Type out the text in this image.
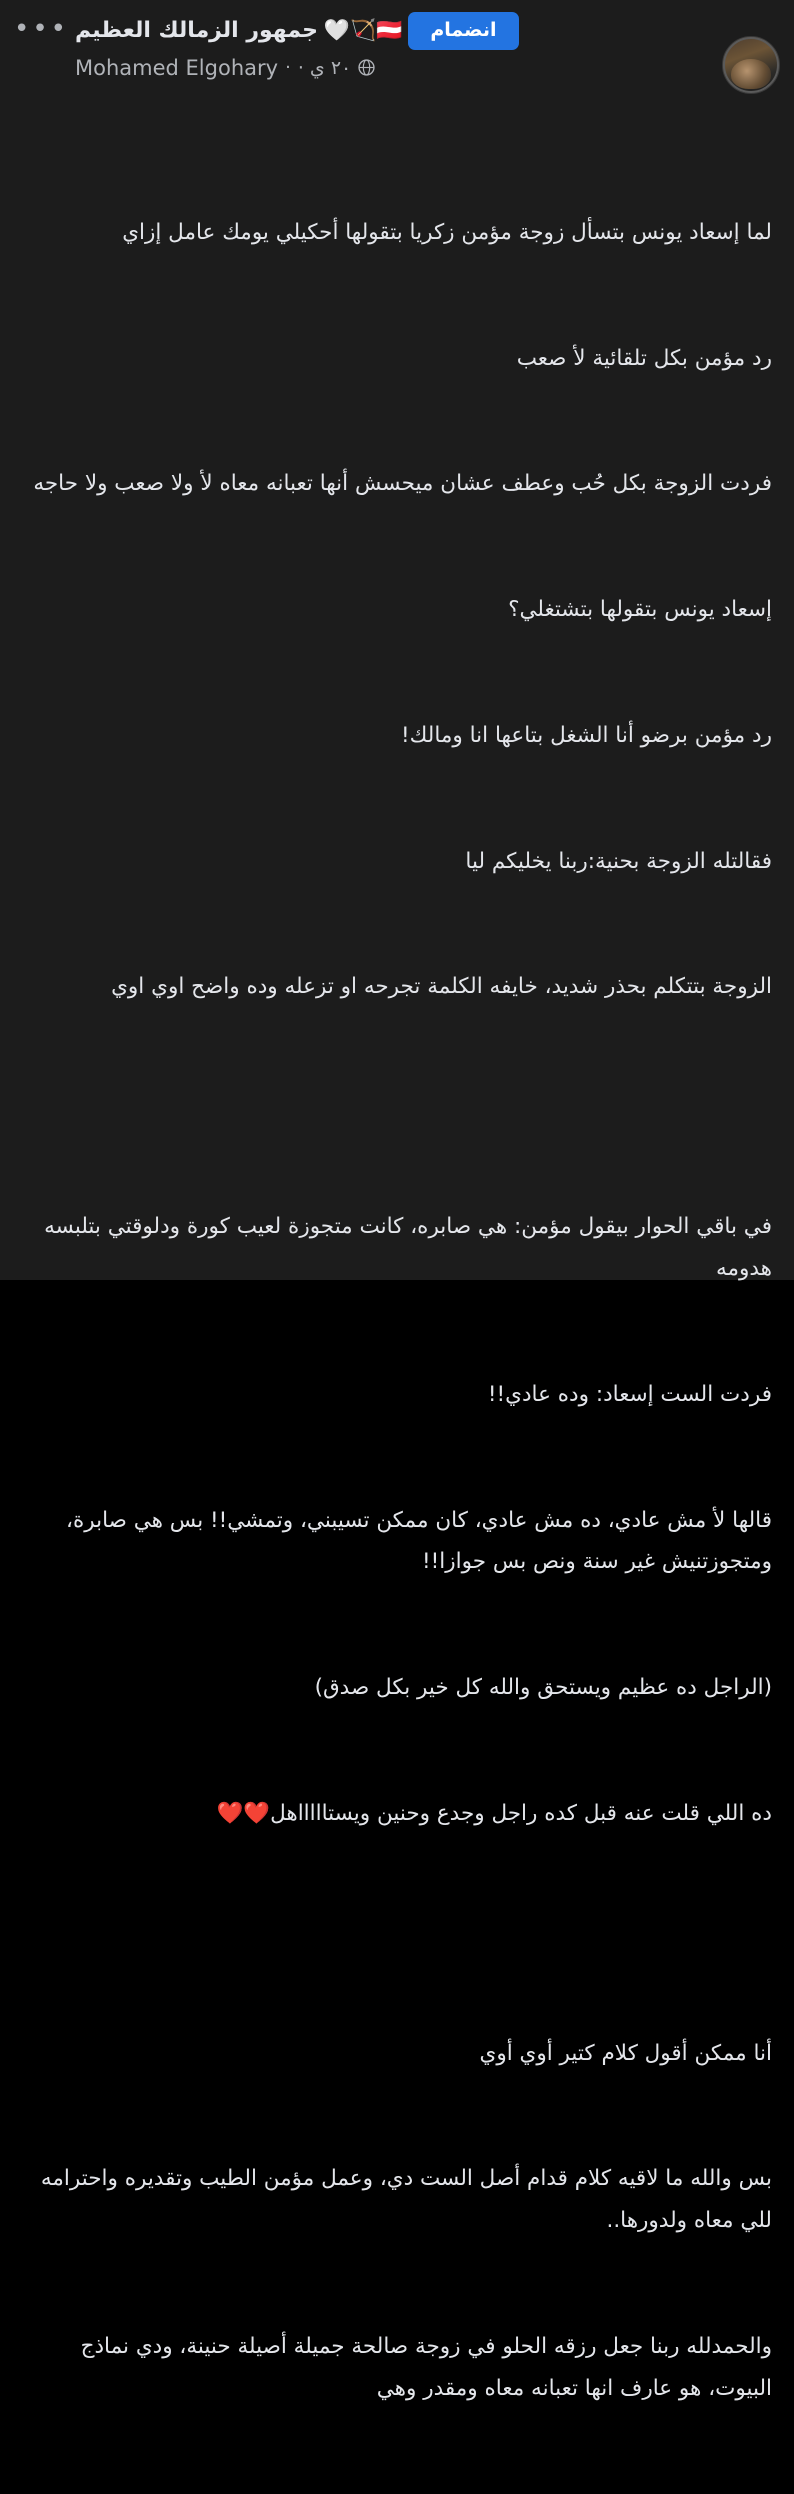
جمهور الزمالك العظيم 🇦🇹🏹🤍	انضمام
Mohamed Elgohary · ٢٠ ي ·
•••

لما إسعاد يونس بتسأل زوجة مؤمن زكريا بتقولها أحكيلي يومك عامل إزاي

رد مؤمن بكل تلقائية لأ صعب

فردت الزوجة بكل حُب وعطف عشان ميحسش أنها تعبانه معاه لأ ولا صعب ولا حاجه

إسعاد يونس بتقولها بتشتغلي؟

رد مؤمن برضو أنا الشغل بتاعها انا ومالك!

فقالتله الزوجة بحنية:ربنا يخليكم ليا

الزوجة بتتكلم بحذر شديد، خايفه الكلمة تجرحه او تزعله وده واضح اوي اوي

في باقي الحوار بيقول مؤمن: هي صابره، كانت متجوزة لعيب كورة ودلوقتي بتلبسه هدومه

فردت الست إسعاد: وده عادي!!

قالها لأ مش عادي، ده مش عادي، كان ممكن تسيبني، وتمشي!! بس هي صابرة، ومتجوزتنيش غير سنة ونص بس جوازا!!

(الراجل ده عظيم ويستحق والله كل خير بكل صدق)

ده اللي قلت عنه قبل كده راجل وجدع وحنين ويستاااااهل❤️❤️

أنا ممكن أقول كلام كتير أوي أوي

بس والله ما لاقيه كلام قدام أصل الست دي، وعمل مؤمن الطيب وتقديره واحترامه للي معاه ولدورها..

والحمدلله ربنا جعل رزقه الحلو في زوجة صالحة جميلة أصيلة حنينة، ودي نماذج البيوت، هو عارف انها تعبانه معاه ومقدر وهي
